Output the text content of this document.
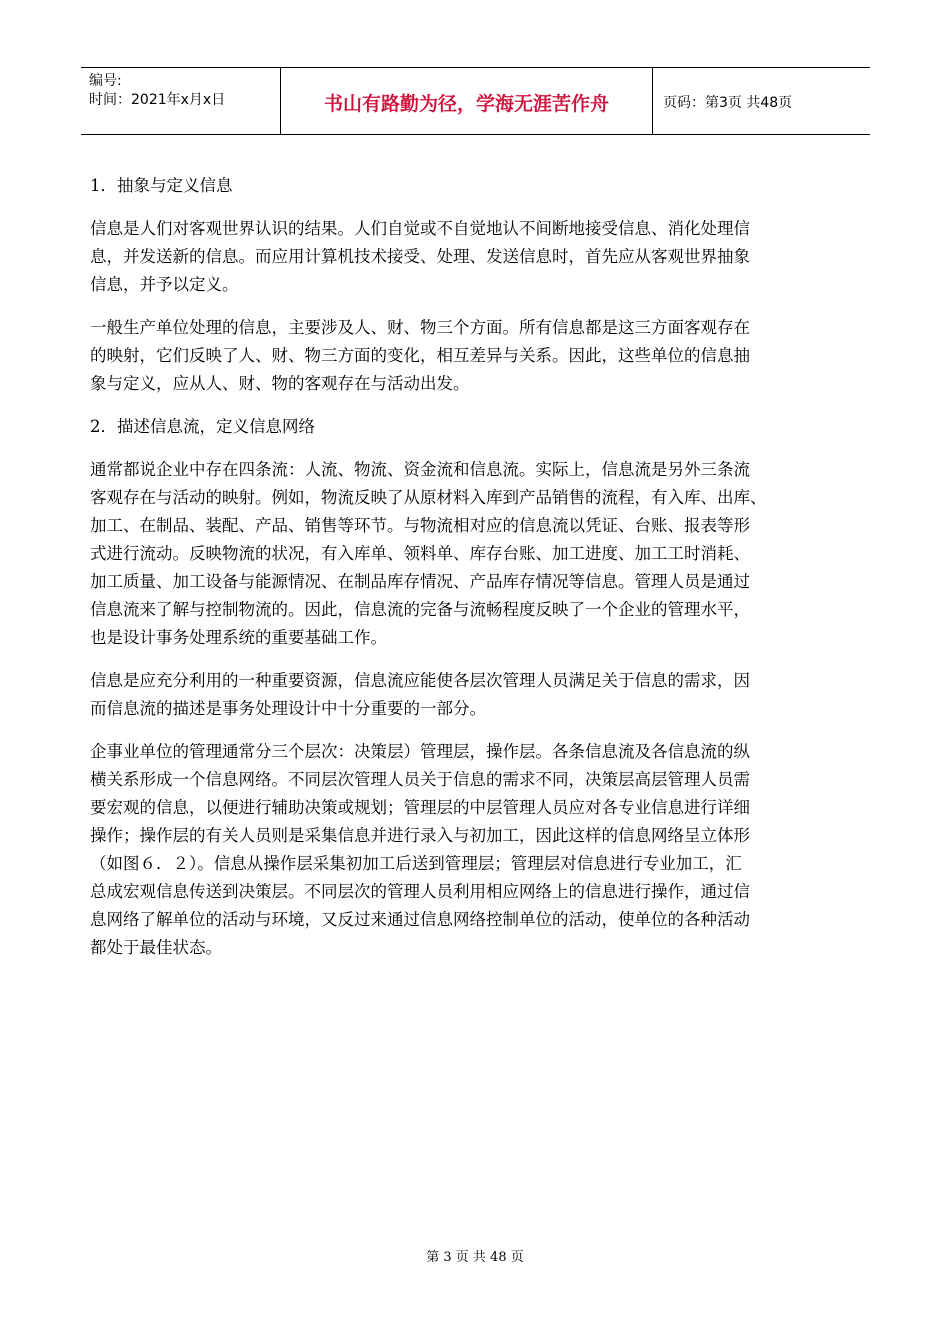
编号:
时间：2021年x月x日	书山有路勤为径，学海无涯苦作舟	页码：第3页 共48页
1．抽象与定义信息
信息是人们对客观世界认识的结果。人们自觉或不自觉地认不间断地接受信息、消化处理信
息，并发送新的信息。而应用计算机技术接受、处理、发送信息时，首先应从客观世界抽象
信息，并予以定义。
一般生产单位处理的信息，主要涉及人、财、物三个方面。所有信息都是这三方面客观存在
的映射，它们反映了人、财、物三方面的变化，相互差异与关系。因此，这些单位的信息抽
象与定义，应从人、财、物的客观存在与活动出发。
2．描述信息流，定义信息网络
通常都说企业中存在四条流：人流、物流、资金流和信息流。实际上，信息流是另外三条流
客观存在与活动的映射。例如，物流反映了从原材料入库到产品销售的流程，有入库、出库、
加工、在制品、装配、产品、销售等环节。与物流相对应的信息流以凭证、台账、报表等形
式进行流动。反映物流的状况，有入库单、领料单、库存台账、加工进度、加工工时消耗、
加工质量、加工设备与能源情况、在制品库存情况、产品库存情况等信息。管理人员是通过
信息流来了解与控制物流的。因此，信息流的完备与流畅程度反映了一个企业的管理水平，
也是设计事务处理系统的重要基础工作。
信息是应充分利用的一种重要资源，信息流应能使各层次管理人员满足关于信息的需求，因
而信息流的描述是事务处理设计中十分重要的一部分。
企事业单位的管理通常分三个层次：决策层）管理层，操作层。各条信息流及各信息流的纵
横关系形成一个信息网络。不同层次管理人员关于信息的需求不同，决策层高层管理人员需
要宏观的信息，以便进行辅助决策或规划；管理层的中层管理人员应对各专业信息进行详细
操作；操作层的有关人员则是采集信息并进行录入与初加工，因此这样的信息网络呈立体形
（如图６．２）。信息从操作层采集初加工后送到管理层；管理层对信息进行专业加工，汇
总成宏观信息传送到决策层。不同层次的管理人员利用相应网络上的信息进行操作，通过信
息网络了解单位的活动与环境，又反过来通过信息网络控制单位的活动，使单位的各种活动
都处于最佳状态。
第 3 页 共 48 页
